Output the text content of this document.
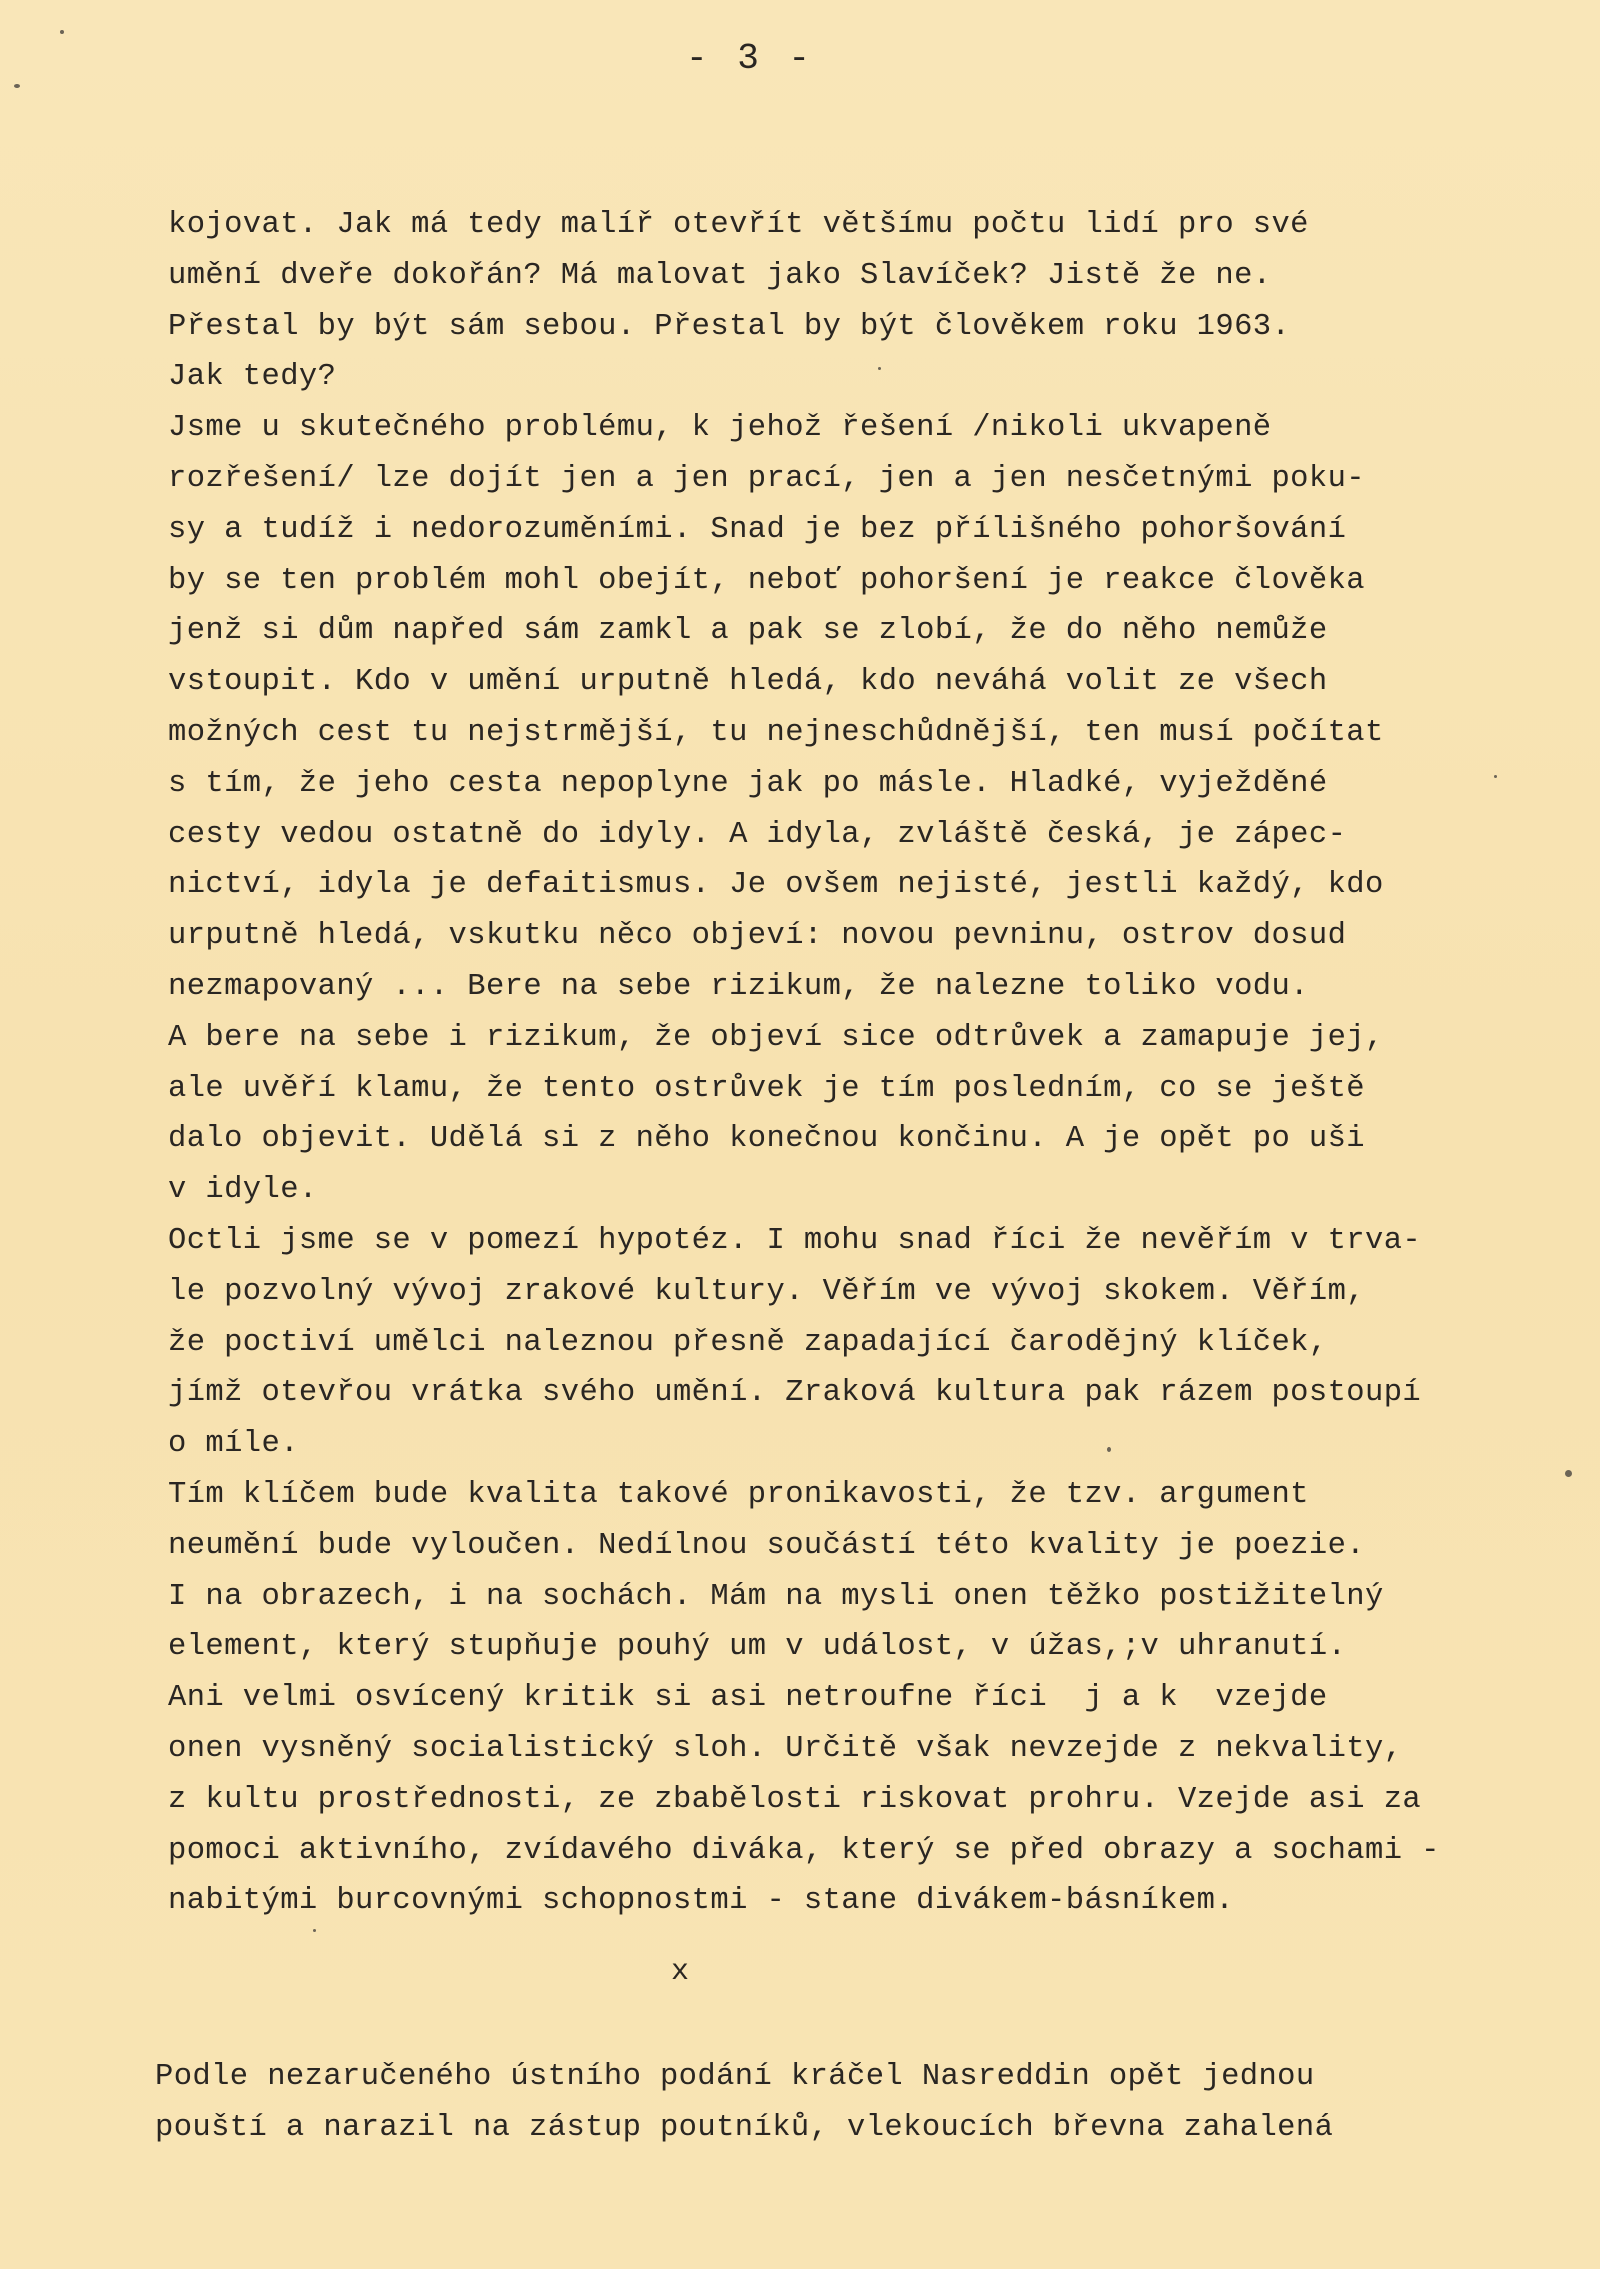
- 3 -
kojovat. Jak má tedy malíř otevřít většímu počtu lidí pro své
umění dveře dokořán? Má malovat jako Slavíček? Jistě že ne.
Přestal by být sám sebou. Přestal by být člověkem roku 1963.
Jak tedy?
Jsme u skutečného problému, k jehož řešení /nikoli ukvapeně
rozřešení/ lze dojít jen a jen prací, jen a jen nesčetnými poku-
sy a tudíž i nedorozuměními. Snad je bez přílišného pohoršování
by se ten problém mohl obejít, neboť pohoršení je reakce člověka
jenž si dům napřed sám zamkl a pak se zlobí, že do něho nemůže
vstoupit. Kdo v umění urputně hledá, kdo neváhá volit ze všech
možných cest tu nejstrmější, tu nejneschůdnější, ten musí počítat
s tím, že jeho cesta nepoplyne jak po másle. Hladké, vyježděné
cesty vedou ostatně do idyly. A idyla, zvláště česká, je zápec-
nictví, idyla je defaitismus. Je ovšem nejisté, jestli každý, kdo
urputně hledá, vskutku něco objeví: novou pevninu, ostrov dosud
nezmapovaný ... Bere na sebe rizikum, že nalezne toliko vodu.
A bere na sebe i rizikum, že objeví sice odtrůvek a zamapuje jej,
ale uvěří klamu, že tento ostrůvek je tím posledním, co se ještě
dalo objevit. Udělá si z něho konečnou končinu. A je opět po uši
v idyle.
Octli jsme se v pomezí hypotéz. I mohu snad říci že nevěřím v trva-
le pozvolný vývoj zrakové kultury. Věřím ve vývoj skokem. Věřím,
že poctiví umělci naleznou přesně zapadající čarodějný klíček,
jímž otevřou vrátka svého umění. Zraková kultura pak rázem postoupí
o míle.
Tím klíčem bude kvalita takové pronikavosti, že tzv. argument
neumění bude vyloučen. Nedílnou součástí této kvality je poezie.
I na obrazech, i na sochách. Mám na mysli onen těžko postižitelný
element, který stupňuje pouhý um v událost, v úžas,;v uhranutí.
Ani velmi osvícený kritik si asi netroufne říci  j a k  vzejde
onen vysněný socialistický sloh. Určitě však nevzejde z nekvality,
z kultu prostřednosti, ze zbabělosti riskovat prohru. Vzejde asi za
pomoci aktivního, zvídavého diváka, který se před obrazy a sochami -
nabitými burcovnými schopnostmi - stane divákem-básníkem.
x
Podle nezaručeného ústního podání kráčel Nasreddin opět jednou
pouští a narazil na zástup poutníků, vlekoucích břevna zahalená
